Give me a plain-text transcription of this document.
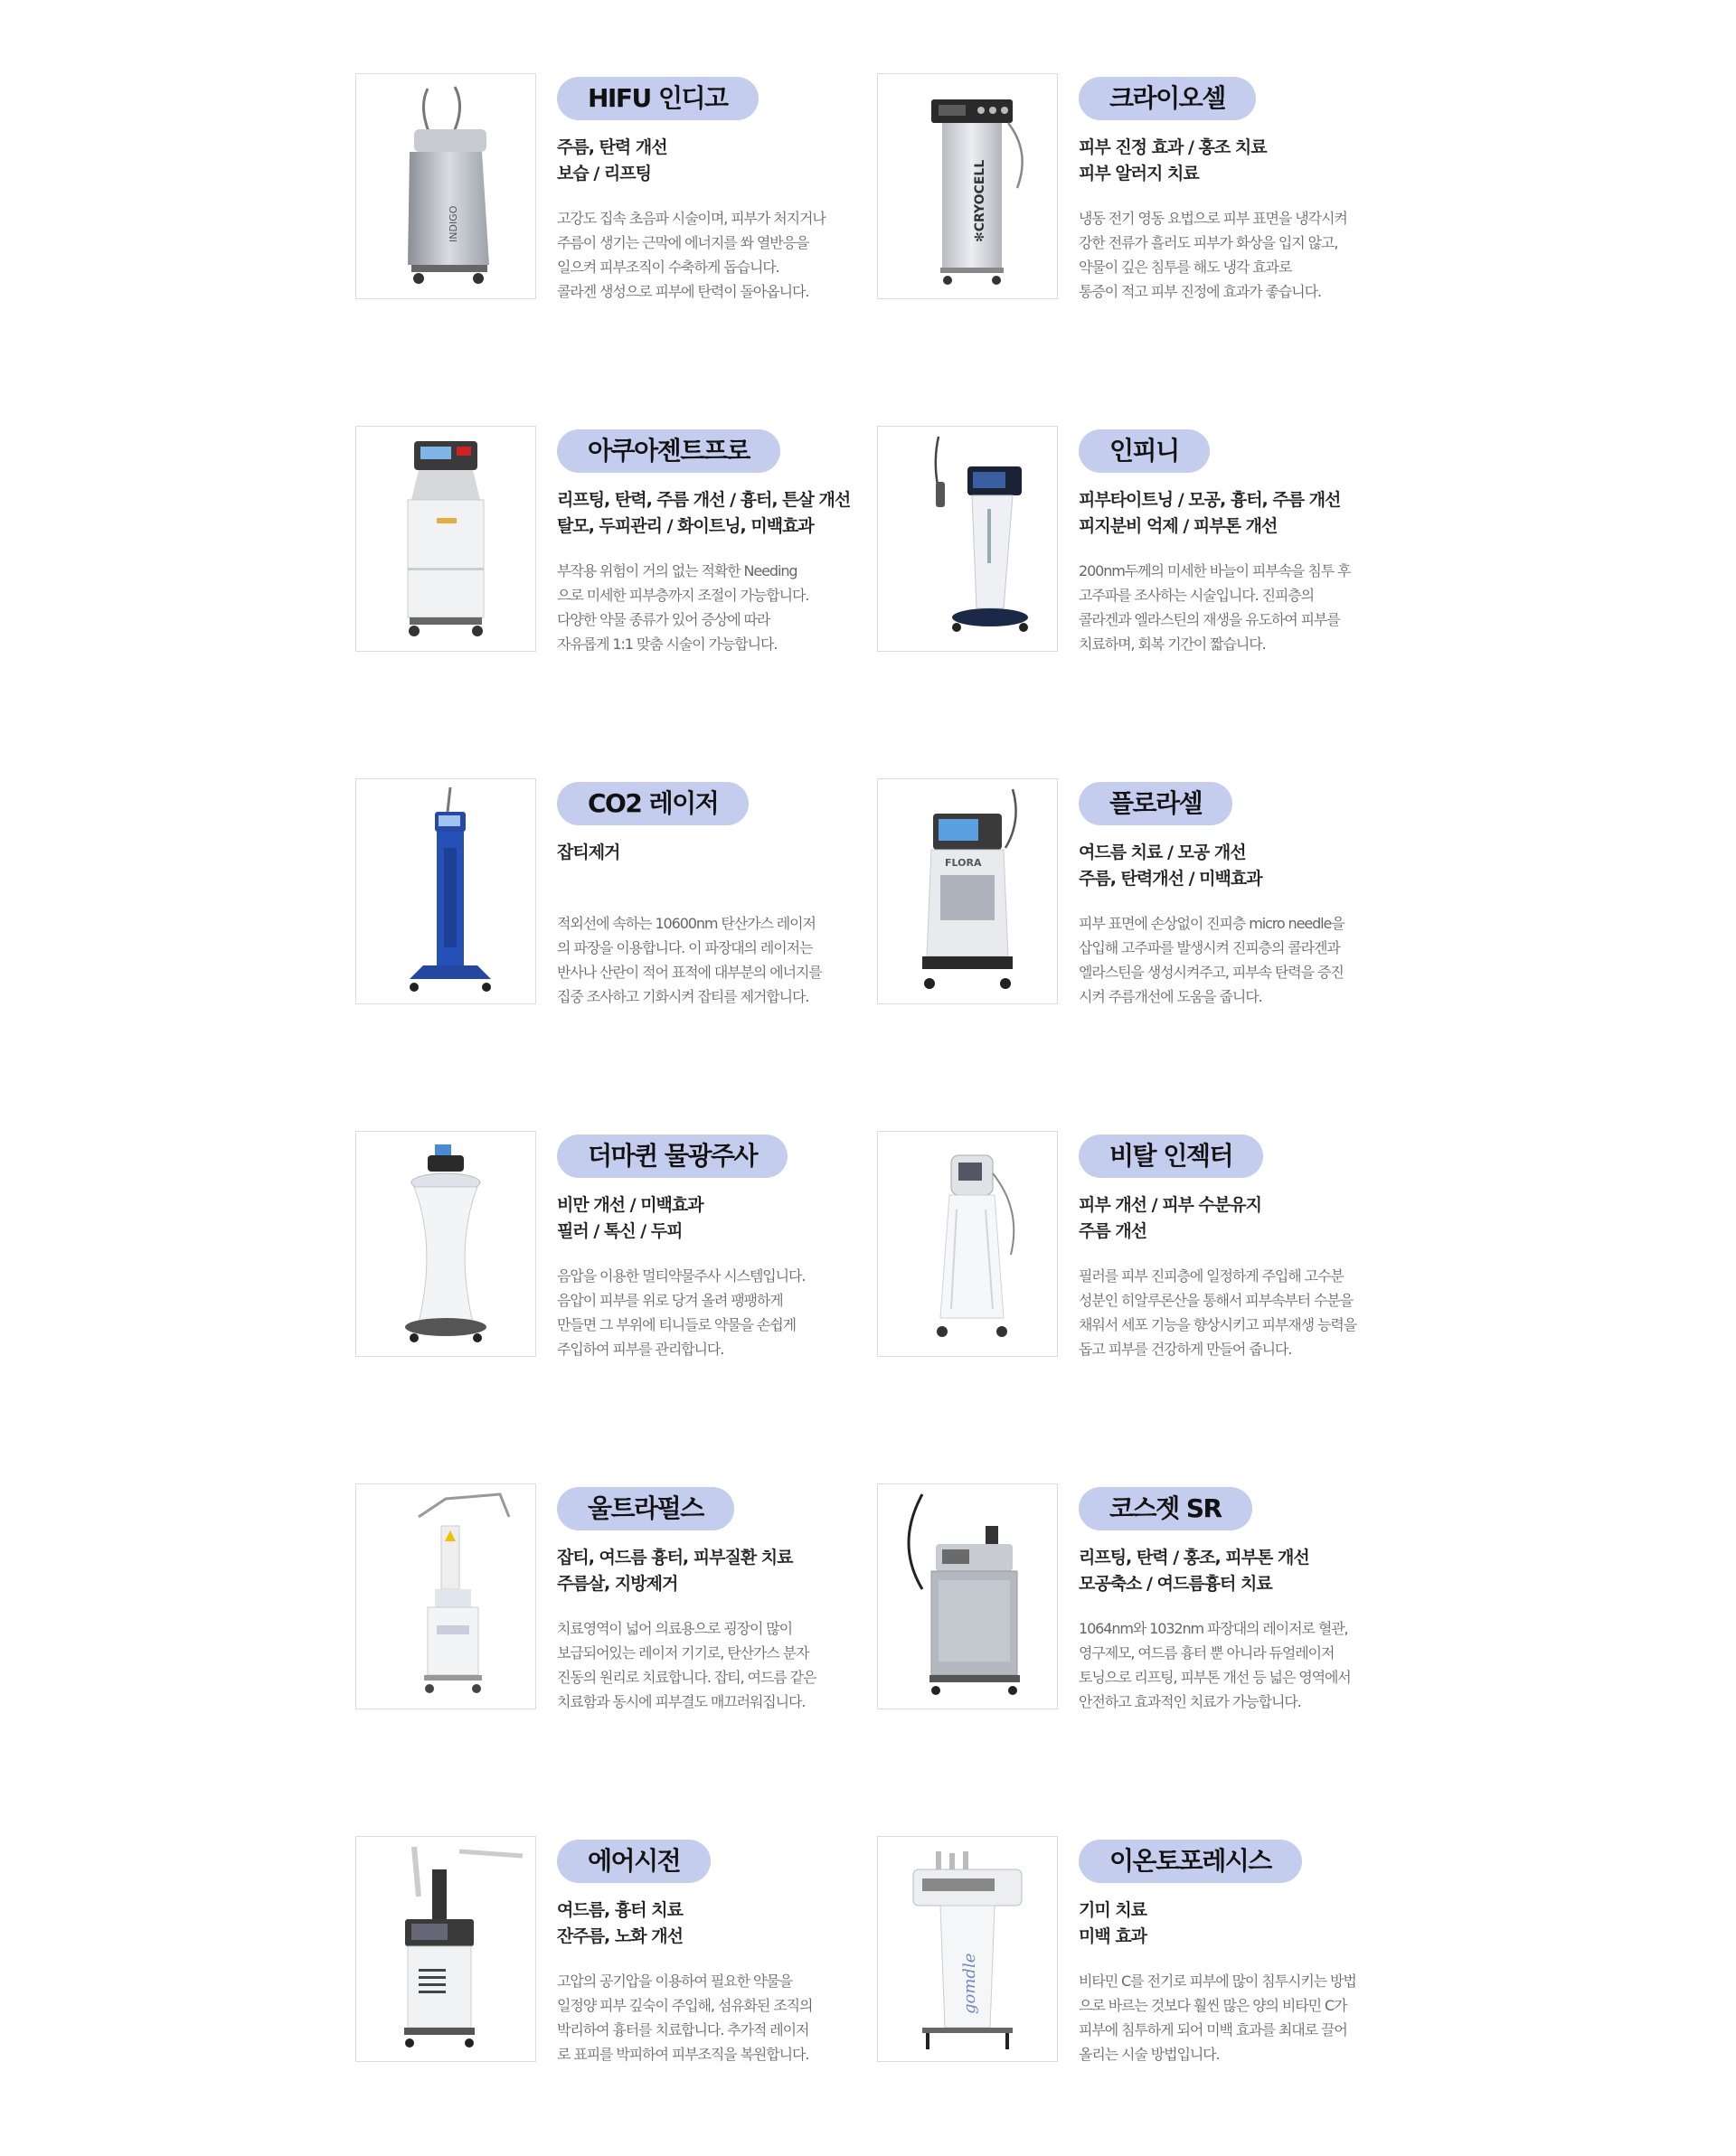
INDIGO
HIFU 인디고
주름, 탄력 개선
보습 / 리프팅
고강도 집속 초음파 시술이며, 피부가 처지거나
주름이 생기는 근막에 에너지를 쏴 열반응을
일으켜 피부조직이 수축하게 돕습니다.
콜라겐 생성으로 피부에 탄력이 돌아옵니다.
✻CRYOCELL
크라이오셀
피부 진정 효과 / 홍조 치료
피부 알러지 치료
냉동 전기 영동 요법으로 피부 표면을 냉각시켜
강한 전류가 흘러도 피부가 화상을 입지 않고,
약물이 깊은 침투를 해도 냉각 효과로
통증이 적고 피부 진정에 효과가 좋습니다.
아쿠아젠트프로
리프팅, 탄력, 주름 개선 / 흉터, 튼살 개선
탈모, 두피관리 / 화이트닝, 미백효과
부작용 위험이 거의 없는 적확한 Needing
으로 미세한 피부층까지 조절이 가능합니다.
다양한 약물 종류가 있어 증상에 따라
자유롭게 1:1 맞춤 시술이 가능합니다.
인피니
피부타이트닝 / 모공, 흉터, 주름 개선
피지분비 억제 / 피부톤 개선
200nm두께의 미세한 바늘이 피부속을 침투 후
고주파를 조사하는 시술입니다. 진피층의
콜라겐과 엘라스틴의 재생을 유도하여 피부를
치료하며, 회복 기간이 짧습니다.
CO2 레이저
잡티제거
적외선에 속하는 10600nm 탄산가스 레이저
의 파장을 이용합니다. 이 파장대의 레이저는
반사나 산란이 적어 표적에 대부분의 에너지를
집중 조사하고 기화시켜 잡티를 제거합니다.
FLORA
플로라셀
여드름 치료 / 모공 개선
주름, 탄력개선 / 미백효과
피부 표면에 손상없이 진피층 micro needle을
삽입해 고주파를 발생시켜 진피층의 콜라겐과
엘라스틴을 생성시켜주고, 피부속 탄력을 증진
시켜 주름개선에 도움을 줍니다.
더마퀸 물광주사
비만 개선 / 미백효과
필러 / 톡신 / 두피
음압을 이용한 멀티약물주사 시스템입니다.
음압이 피부를 위로 당겨 올려 팽팽하게
만들면 그 부위에 티니들로 약물을 손쉽게
주입하여 피부를 관리합니다.
비탈 인젝터
피부 개선 / 피부 수분유지
주름 개선
필러를 피부 진피층에 일정하게 주입해 고수분
성분인 히알루론산을 통해서 피부속부터 수분을
채워서 세포 기능을 향상시키고 피부재생 능력을
돕고 피부를 건강하게 만들어 줍니다.
울트라펄스
잡티, 여드름 흉터, 피부질환 치료
주름살, 지방제거
치료영역이 넓어 의료용으로 굉장이 많이
보급되어있는 레이저 기기로, 탄산가스 분자
진동의 원리로 치료합니다. 잡티, 여드름 같은
치료함과 동시에 피부결도 매끄러워집니다.
코스젯 SR
리프팅, 탄력 / 홍조, 피부톤 개선
모공축소 / 여드름흉터 치료
1064nm와 1032nm 파장대의 레이저로 혈관,
영구제모, 여드름 흉터 뿐 아니라 듀얼레이저
토닝으로 리프팅, 피부톤 개선 등 넓은 영역에서
안전하고 효과적인 치료가 가능합니다.
에어시전
여드름, 흉터 치료
잔주름, 노화 개선
고압의 공기압을 이용하여 필요한 약물을
일정양 피부 깊숙이 주입해, 섬유화된 조직의
박리하여 흉터를 치료합니다. 추가적 레이저
로 표피를 박피하여 피부조직을 복원합니다.
gomdle
이온토포레시스
기미 치료
미백 효과
비타민 C를 전기로 피부에 많이 침투시키는 방법
으로 바르는 것보다 훨씬 많은 양의 비타민 C가
피부에 침투하게 되어 미백 효과를 최대로 끌어
올리는 시술 방법입니다.
